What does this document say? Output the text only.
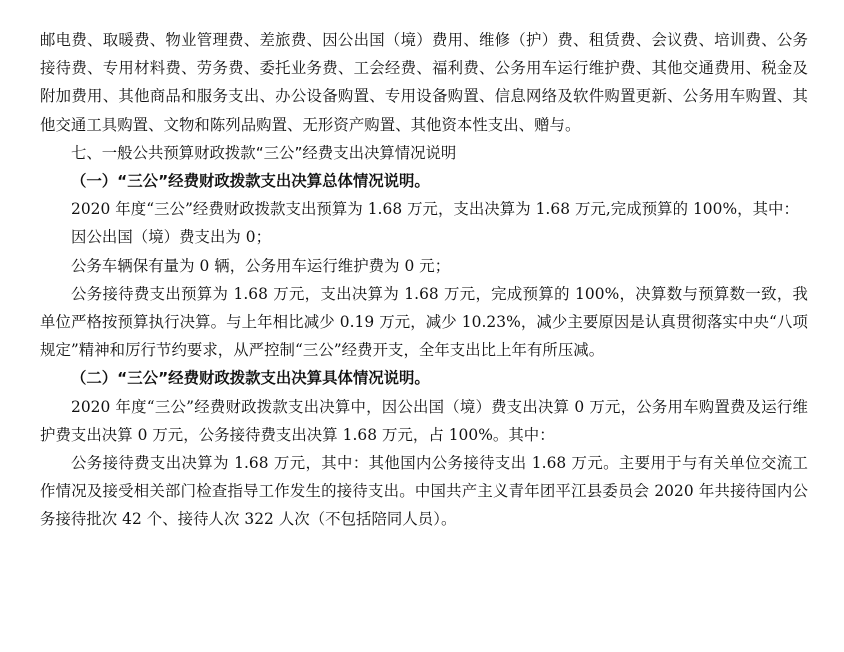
邮电费、取暖费、物业管理费、差旅费、因公出国（境）费用、维修（护）费、租赁费、会议费、培训费、公务接待费、专用材料费、劳务费、委托业务费、工会经费、福利费、公务用车运行维护费、其他交通费用、税金及附加费用、其他商品和服务支出、办公设备购置、专用设备购置、信息网络及软件购置更新、公务用车购置、其他交通工具购置、文物和陈列品购置、无形资产购置、其他资本性支出、赠与。

七、一般公共预算财政拨款“三公”经费支出决算情况说明

（一）“三公”经费财政拨款支出决算总体情况说明。

2020 年度“三公”经费财政拨款支出预算为 1.68 万元，支出决算为 1.68 万元,完成预算的 100%，其中：

因公出国（境）费支出为 0；

公务车辆保有量为 0 辆，公务用车运行维护费为 0 元；

公务接待费支出预算为 1.68 万元，支出决算为 1.68 万元，完成预算的 100%，决算数与预算数一致，我单位严格按预算执行决算。与上年相比减少 0.19 万元，减少 10.23%，减少主要原因是认真贯彻落实中央“八项规定”精神和厉行节约要求，从严控制“三公”经费开支，全年支出比上年有所压减。

（二）“三公”经费财政拨款支出决算具体情况说明。

2020 年度“三公”经费财政拨款支出决算中，因公出国（境）费支出决算 0 万元，公务用车购置费及运行维护费支出决算 0 万元，公务接待费支出决算 1.68 万元，占 100%。其中：

公务接待费支出决算为 1.68 万元，其中：其他国内公务接待支出 1.68 万元。主要用于与有关单位交流工作情况及接受相关部门检查指导工作发生的接待支出。中国共产主义青年团平江县委员会 2020 年共接待国内公务接待批次 42 个、接待人次 322 人次（不包括陪同人员）。
